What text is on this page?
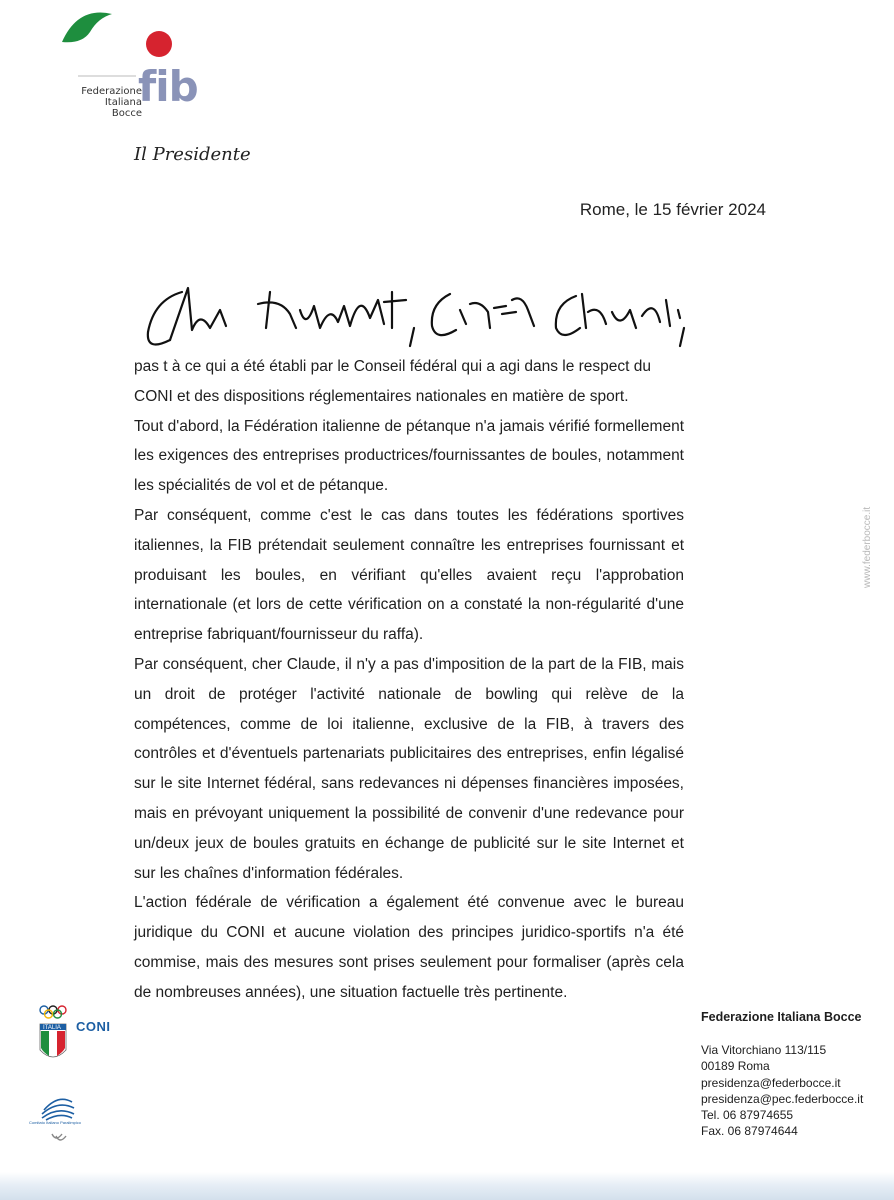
Federazione
Italiana Bocce
fib
Il Presidente
Rome, le 15 février 2024

pas t à ce qui a été établi par le Conseil fédéral qui a agi dans le respect du CONI et des dispositions réglementaires nationales en matière de sport.

Tout d'abord, la Fédération italienne de pétanque n'a jamais vérifié formellement les exigences des entreprises productrices/fournissantes de boules, notamment les spécialités de vol et de pétanque.

Par conséquent, comme c'est le cas dans toutes les fédérations sportives italiennes, la FIB prétendait seulement connaître les entreprises fournissant et produisant les boules, en vérifiant qu'elles avaient reçu l'approbation internationale (et lors de cette vérification on a constaté la non-régularité d'une entreprise fabriquant/fournisseur du raffa).

Par conséquent, cher Claude, il n'y a pas d'imposition de la part de la FIB, mais un droit de protéger l'activité nationale de bowling qui relève de la compétences, comme de loi italienne, exclusive de la FIB, à travers des contrôles et d'éventuels partenariats publicitaires des entreprises, enfin légalisé sur le site Internet fédéral, sans redevances ni dépenses financières imposées, mais en prévoyant uniquement la possibilité de convenir d'une redevance pour un/deux jeux de boules gratuits en échange de publicité sur le site Internet et sur les chaînes d'information fédérales.

L'action fédérale de vérification a également été convenue avec le bureau juridique du CONI et aucune violation des principes juridico-sportifs n'a été commise, mais des mesures sont prises seulement pour formaliser (après cela de nombreuses années), une situation factuelle très pertinente.

www.federbocce.it
CONI
ITALIA
Comitato Italiano Paralimpico
Federazione Italiana Bocce
Via Vitorchiano 113/115
00189 Roma
presidenza@federbocce.it
presidenza@pec.federbocce.it
Tel. 06 87974655
Fax. 06 87974644
